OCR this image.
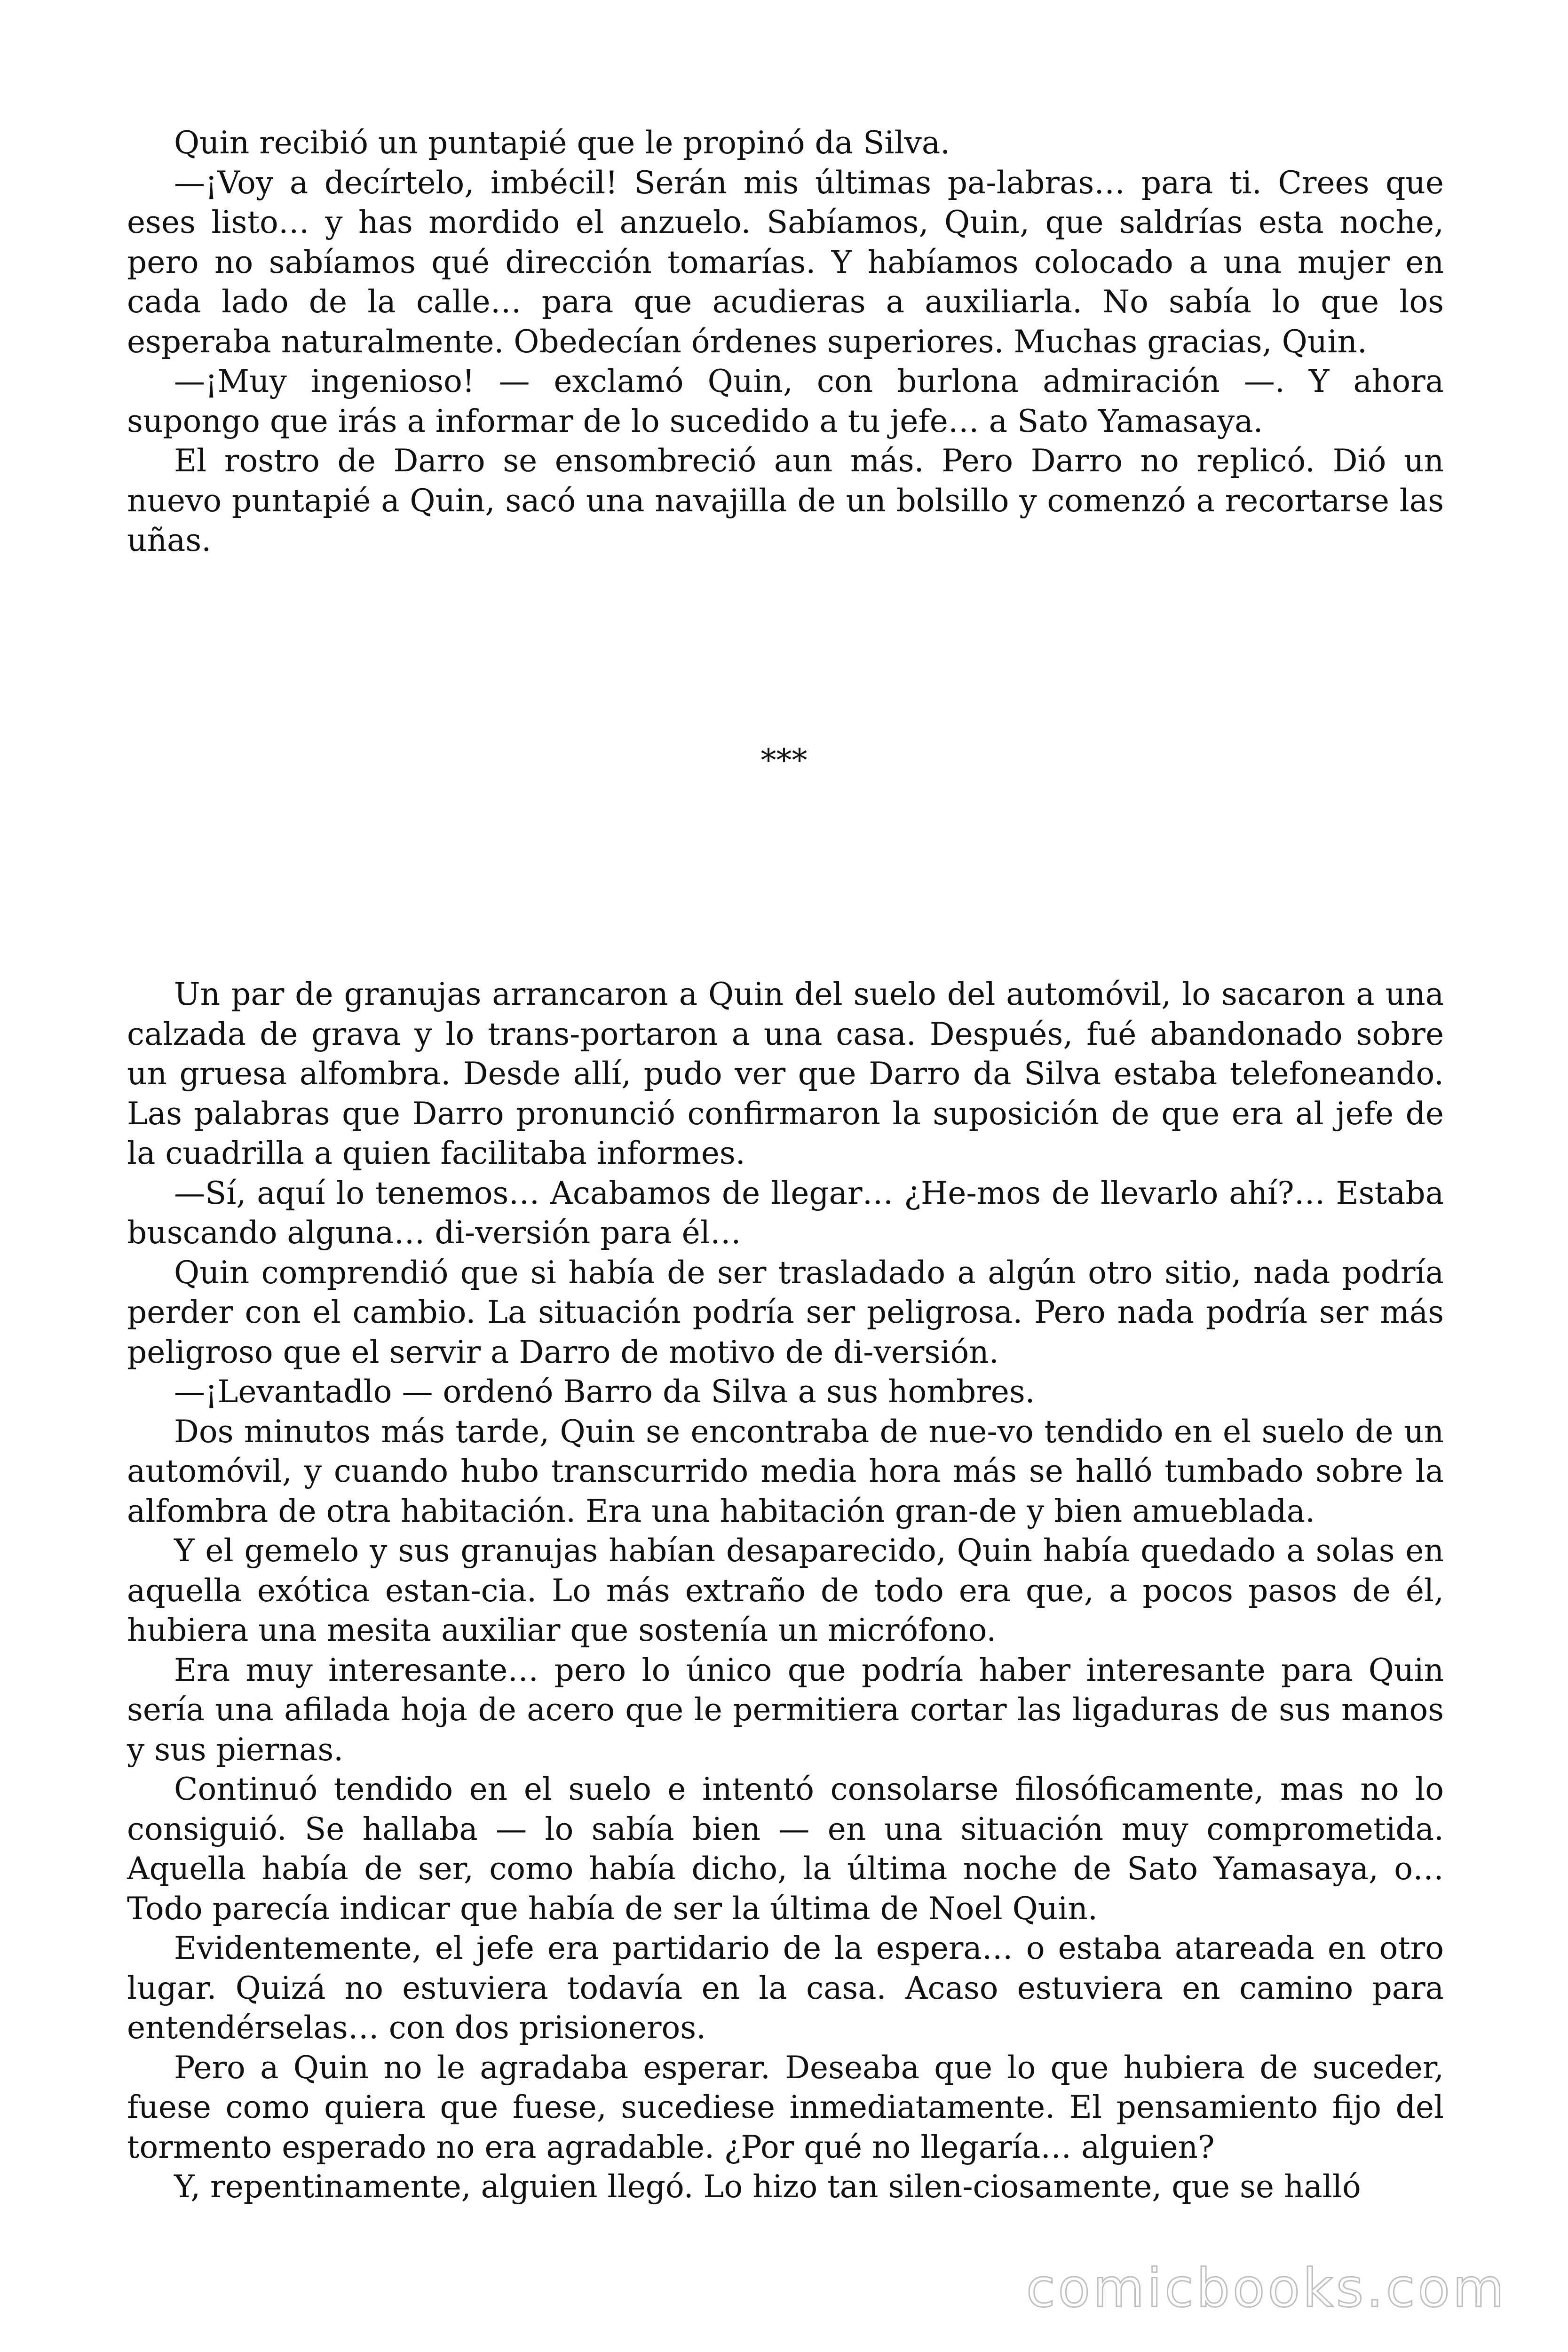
Quin recibió un puntapié que le propinó da Silva.

—¡Voy a decírtelo, imbécil! Serán mis últimas pa-labras… para ti. Crees que eses listo… y has mordido el anzuelo. Sabíamos, Quin, que saldrías esta noche, pero no sabíamos qué dirección tomarías. Y habíamos colocado a una mujer en cada lado de la calle… para que acudieras a auxiliarla. No sabía lo que los esperaba naturalmente. Obedecían órdenes superiores. Muchas gracias, Quin.

—¡Muy ingenioso! — exclamó Quin, con burlona admiración —. Y ahora supongo que irás a informar de lo sucedido a tu jefe… a Sato Yamasaya.

El rostro de Darro se ensombreció aun más. Pero Darro no replicó. Dió un nuevo puntapié a Quin, sacó una navajilla de un bolsillo y comenzó a recortarse las uñas.

***

Un par de granujas arrancaron a Quin del suelo del automóvil, lo sacaron a una calzada de grava y lo trans-portaron a una casa. Después, fué abandonado sobre un gruesa alfombra. Desde allí, pudo ver que Darro da Silva estaba telefoneando. Las palabras que Darro pronunció confirmaron la suposición de que era al jefe de la cuadrilla a quien facilitaba informes.

—Sí, aquí lo tenemos… Acabamos de llegar… ¿He-mos de llevarlo ahí?… Estaba buscando alguna… di-versión para él…

Quin comprendió que si había de ser trasladado a algún otro sitio, nada podría perder con el cambio. La situación podría ser peligrosa. Pero nada podría ser más peligroso que el servir a Darro de motivo de di-versión.

—¡Levantadlo — ordenó Barro da Silva a sus hombres.

Dos minutos más tarde, Quin se encontraba de nue-vo tendido en el suelo de un automóvil, y cuando hubo transcurrido media hora más se halló tumbado sobre la alfombra de otra habitación. Era una habitación gran-de y bien amueblada.

Y el gemelo y sus granujas habían desaparecido, Quin había quedado a solas en aquella exótica estan-cia. Lo más extraño de todo era que, a pocos pasos de él, hubiera una mesita auxiliar que sostenía un micrófono.

Era muy interesante… pero lo único que podría haber interesante para Quin sería una afilada hoja de acero que le permitiera cortar las ligaduras de sus manos y sus piernas.

Continuó tendido en el suelo e intentó consolarse filosóficamente, mas no lo consiguió. Se hallaba — lo sabía bien — en una situación muy comprometida. Aquella había de ser, como había dicho, la última noche de Sato Yamasaya, o… Todo parecía indicar que había de ser la última de Noel Quin.

Evidentemente, el jefe era partidario de la espera… o estaba atareada en otro lugar. Quizá no estuviera todavía en la casa. Acaso estuviera en camino para entendérselas… con dos prisioneros.

Pero a Quin no le agradaba esperar. Deseaba que lo que hubiera de suceder, fuese como quiera que fuese, sucediese inmediatamente. El pensamiento fijo del tormento esperado no era agradable. ¿Por qué no llegaría… alguien?

Y, repentinamente, alguien llegó. Lo hizo tan silen-ciosamente, que se halló

comicbooks.com
